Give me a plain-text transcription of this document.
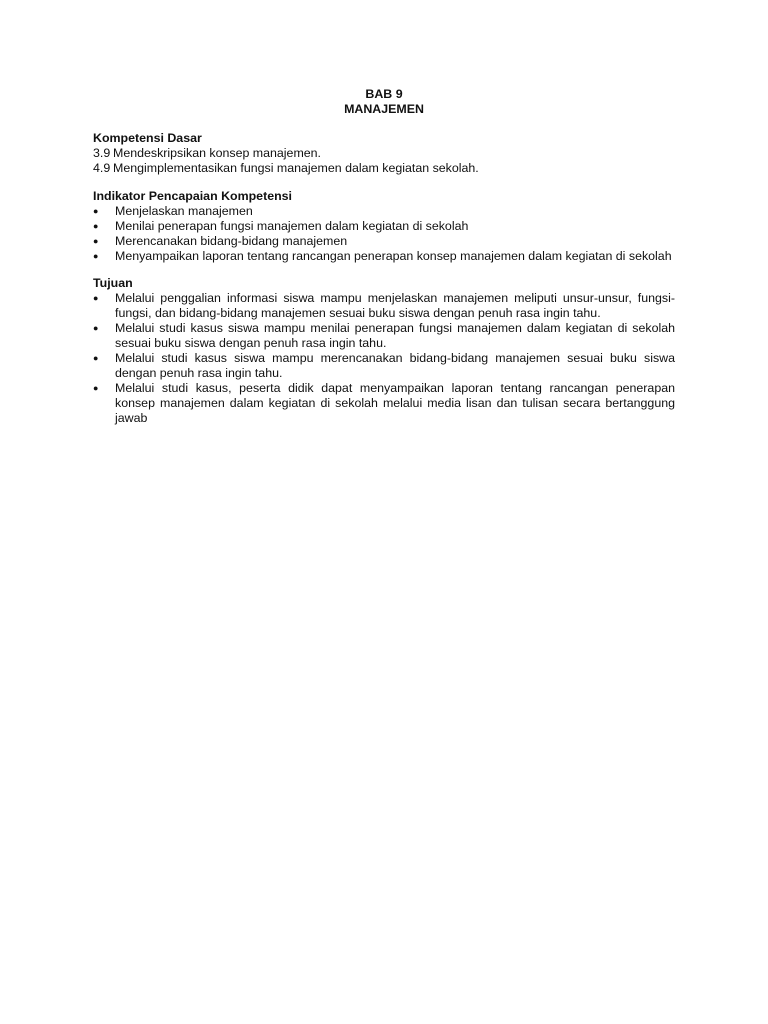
BAB 9
MANAJEMEN
Kompetensi Dasar
3.9 Mendeskripsikan konsep manajemen.
4.9 Mengimplementasikan fungsi manajemen dalam kegiatan sekolah.
Indikator Pencapaian Kompetensi
●	Menjelaskan manajemen
●	Menilai penerapan fungsi manajemen dalam kegiatan di sekolah
●	Merencanakan bidang-bidang manajemen
●	Menyampaikan laporan tentang rancangan penerapan konsep manajemen dalam kegiatan di sekolah
Tujuan
●	Melalui penggalian informasi siswa mampu menjelaskan manajemen meliputi unsur-unsur, fungsi-fungsi, dan bidang-bidang manajemen sesuai buku siswa dengan penuh rasa ingin tahu.
●	Melalui studi kasus siswa mampu menilai penerapan fungsi manajemen dalam kegiatan di sekolah sesuai buku siswa dengan penuh rasa ingin tahu.
●	Melalui studi kasus siswa mampu merencanakan bidang-bidang manajemen sesuai buku siswa dengan penuh rasa ingin tahu.
●	Melalui studi kasus, peserta didik dapat menyampaikan laporan tentang rancangan penerapan konsep manajemen dalam kegiatan di sekolah melalui media lisan dan tulisan secara bertanggung jawab
